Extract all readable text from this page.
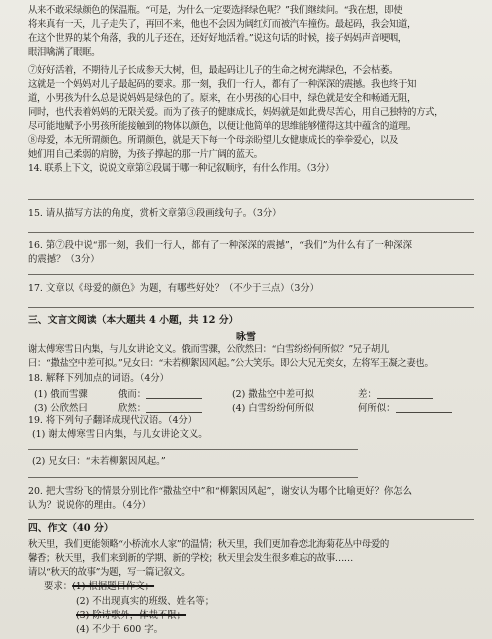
从来不敢采绿颜色的保温瓶。“可是，为什么一定要选择绿色呢？”我们继续问。“我在想，即使
将来真有一天，儿子走失了，再回不来，他也不会因为阔红灯而被汽车撞伤。最起码，我会知道，
在这个世界的某个角落，我的儿子还在，还好好地活着。”说这句话的时候，接子妈妈声音哽咽，
眼泪噙满了眼眶。
⑦好好活着，不期待儿子长成参天大树，但，最起码让儿子的生命之树充满绿色，不会枯萎。
这就是一个妈妈对儿子最起码的要求。那一刻，我们一行人，都有了一种深深的震撼。我也终于知
道，小男孩为什么总是说妈妈是绿色的了。原来，在小男孩的心目中，绿色就是安全和畅通无阻，
同时，也代表着妈妈的无限关爱。而为了孩子的健康成长，妈妈就是如此费尽苦心，用自己独特的方式，
尽可能地赋予小男孩所能接触到的物体以颜色，以便让他简单的思维能够懂得这其中蕴含的道理。
⑧母爱，本无所谓颜色。所谓颜色，就是天下每一个母亲盼望儿女健康成长的拳拳爱心，以及
她们用自己柔弱的肩膀，为孩子撑起的那一片广阔的蓝天。
14. 联系上下文，说说文章第②段属于哪一种记叙顺序，有什么作用。（3分）
15. 请从描写方法的角度，赏析文章第③段画线句子。（3分）
16. 第⑦段中说“那一刻，我们一行人，都有了一种深深的震撼”，“我们”为什么有了一种深深
的震撼？（3分）
17. 文章以《母爱的颜色》为题，有哪些好处？（不少于三点）（3分）
三、文言文阅读（本大题共 4 小题，共 12 分）
咏雪
谢太傅寒雪日内集，与儿女讲论文义。俄而雪骤，公欣然曰：“白雪纷纷何所似？”兄子胡儿
曰：“撒盐空中差可拟。”兄女曰：“未若柳絮因风起。”公大笑乐。即公大兄无奕女，左将军王凝之妻也。
18. 解释下列加点的词语。（4分）
(1) 俄而雪骤	俄而：	(2) 撒盐空中差可拟	差：
(3) 公欣然曰	欣然：	(4) 白雪纷纷何所似	何所似：
19. 将下列句子翻译成现代汉语。（4分）
(1) 谢太傅寒雪日内集，与儿女讲论文义。
(2) 兄女曰：“未若柳絮因风起。”
20. 把大雪纷飞的情景分别比作“撒盐空中”和“柳絮因风起”，谢安认为哪个比喻更好？你怎么
认为？说说你的理由。（4分）
四、作文（40 分）
秋天里，我们更能领略“小桥流水人家”的温情；秋天里，我们更加眷恋北海菊花丛中母爱的
馨香；秋天里，我们来到新的学期、新的学校；秋天里会发生很多难忘的故事……
请以“秋天的故事”为题，写一篇记叙文。
要求：(1) 根据题目作文；
(2) 不出现真实的班级、姓名等；
(3) 除诗歌外，体裁不限；
(4) 不少于 600 字。
